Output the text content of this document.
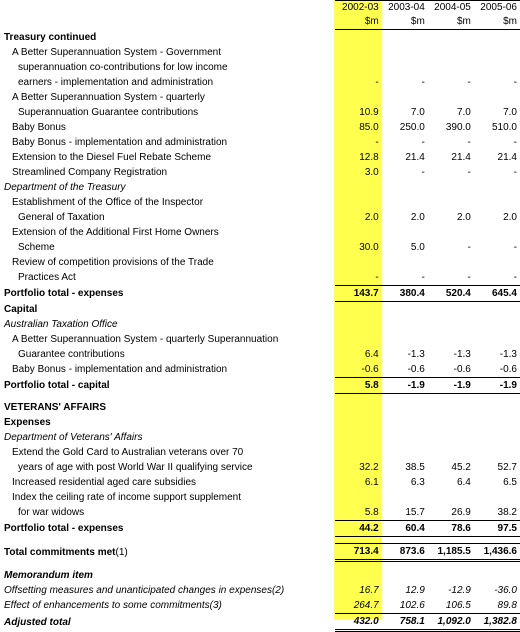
	2002-03	2003-04	2004-05	2005-06
	$m	$m	$m	$m
Treasury continued				
A Better Superannuation System - Government				
superannuation co-contributions for low income				
earners - implementation and administration	-	-	-	-
A Better Superannuation System - quarterly				
Superannuation Guarantee contributions	10.9	7.0	7.0	7.0
Baby Bonus	85.0	250.0	390.0	510.0
Baby Bonus - implementation and administration	-	-	-	-
Extension to the Diesel Fuel Rebate Scheme	12.8	21.4	21.4	21.4
Streamlined Company Registration	3.0	-	-	-
Department of the Treasury				
Establishment of the Office of the Inspector				
General of Taxation	2.0	2.0	2.0	2.0
Extension of the Additional First Home Owners				
Scheme	30.0	5.0	-	-
Review of competition provisions of the Trade				
Practices Act	-	-	-	-
Portfolio total - expenses	143.7	380.4	520.4	645.4
Capital				
Australian Taxation Office				
A Better Superannuation System - quarterly Superannuation				
Guarantee contributions	6.4	-1.3	-1.3	-1.3
Baby Bonus - implementation and administration	-0.6	-0.6	-0.6	-0.6
Portfolio total - capital	5.8	-1.9	-1.9	-1.9

VETERANS' AFFAIRS				
Expenses				
Department of Veterans' Affairs				
Extend the Gold Card to Australian veterans over 70				
years of age with post World War II qualifying service	32.2	38.5	45.2	52.7
Increased residential aged care subsidies	6.1	6.3	6.4	6.5
Index the ceiling rate of income support supplement				
for war widows	5.8	15.7	26.9	38.2
Portfolio total - expenses	44.2	60.4	78.6	97.5

Total commitments met(1)	713.4	873.6	1,185.5	1,436.6

Memorandum item				
Offsetting measures and unanticipated changes in expenses(2)	16.7	12.9	-12.9	-36.0
Effect of enhancements to some commitments(3)	264.7	102.6	106.5	89.8
Adjusted total	432.0	758.1	1,092.0	1,382.8
